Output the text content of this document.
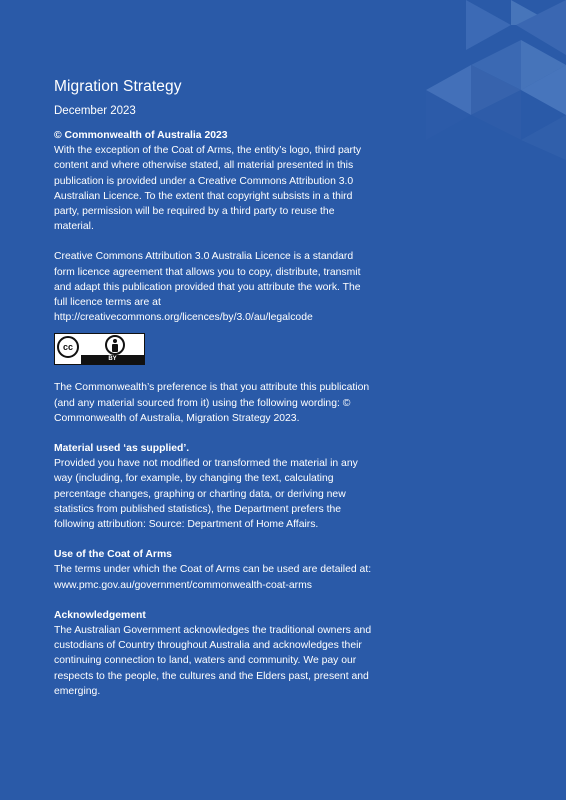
Migration Strategy

December 2023

© Commonwealth of Australia 2023
With the exception of the Coat of Arms, the entity’s logo, third party content and where otherwise stated, all material presented in this publication is provided under a Creative Commons Attribution 3.0 Australian Licence. To the extent that copyright subsists in a third party, permission will be required by a third party to reuse the material.

Creative Commons Attribution 3.0 Australia Licence is a standard form licence agreement that allows you to copy, distribute, transmit and adapt this publication provided that you attribute the work. The full licence terms are at http://creativecommons.org/licences/by/3.0/au/legalcode

cc
BY

The Commonwealth’s preference is that you attribute this publication (and any material sourced from it) using the following wording: © Commonwealth of Australia, Migration Strategy 2023.

Material used ‘as supplied’.
Provided you have not modified or transformed the material in any way (including, for example, by changing the text, calculating percentage changes, graphing or charting data, or deriving new statistics from published statistics), the Department prefers the following attribution: Source: Department of Home Affairs.

Use of the Coat of Arms
The terms under which the Coat of Arms can be used are detailed at: www.pmc.gov.au/government/commonwealth-coat-arms

Acknowledgement
The Australian Government acknowledges the traditional owners and custodians of Country throughout Australia and acknowledges their continuing connection to land, waters and community. We pay our respects to the people, the cultures and the Elders past, present and emerging.
